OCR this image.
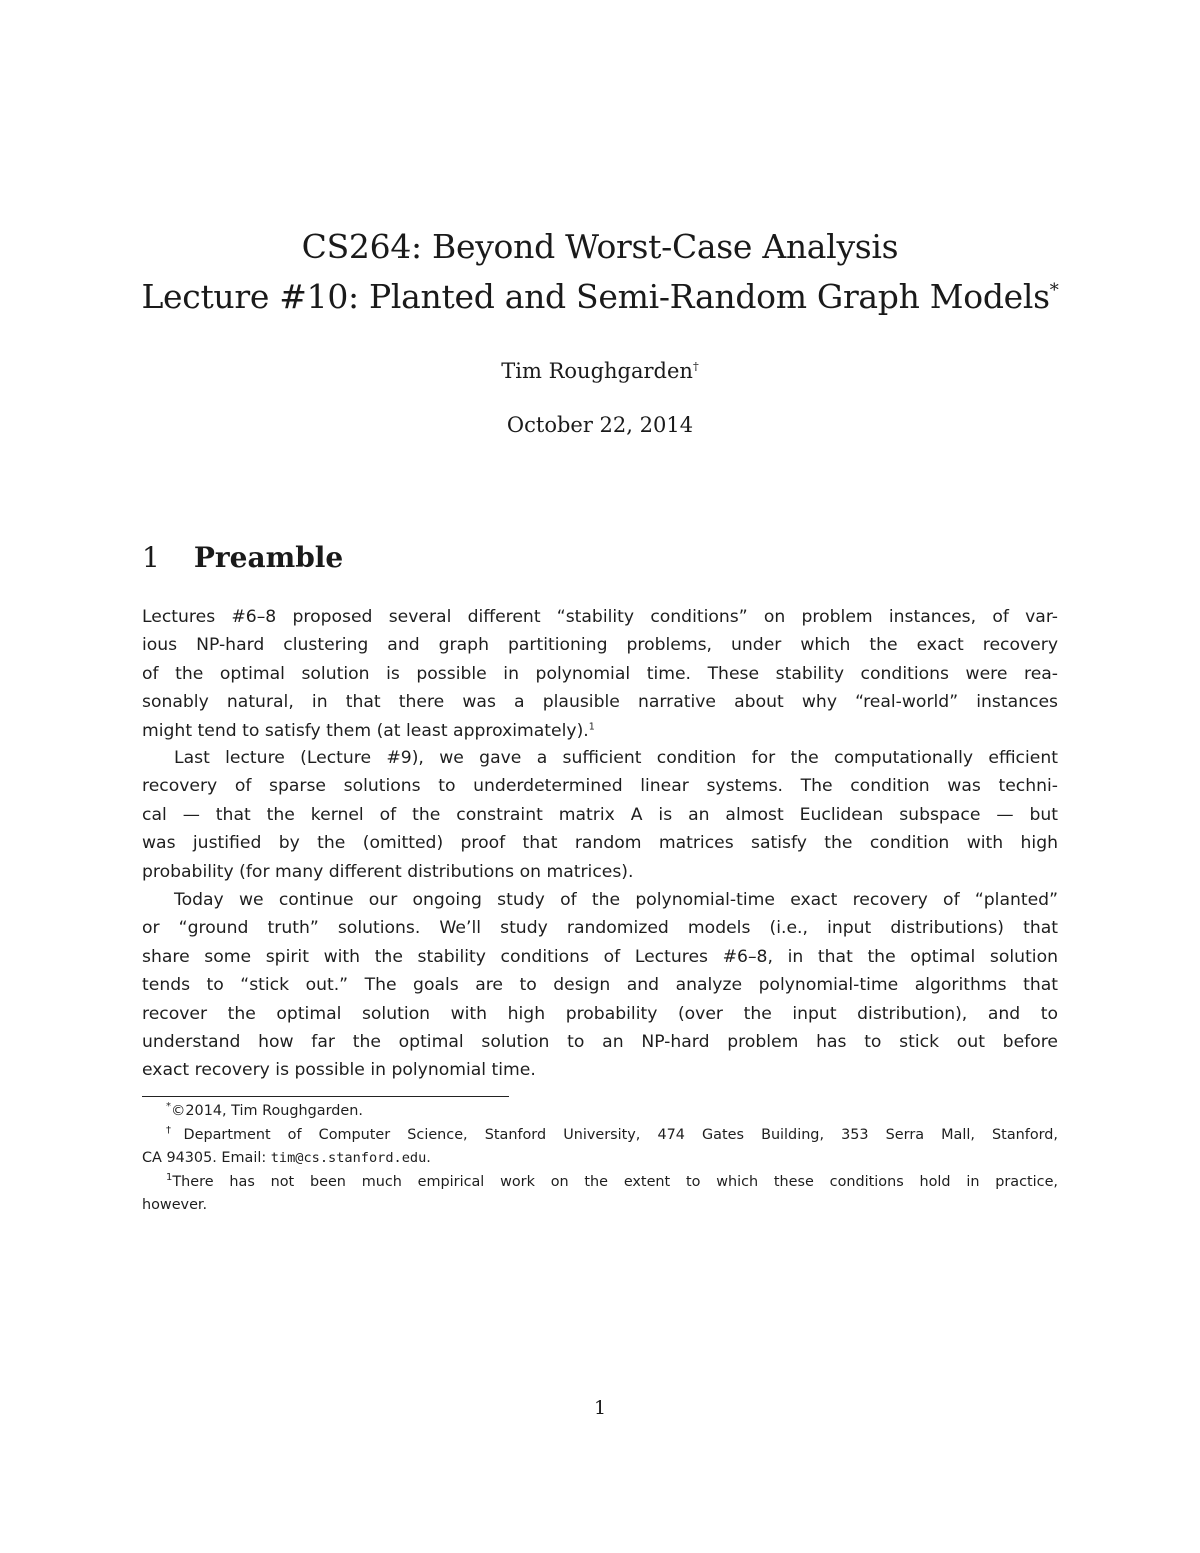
CS264: Beyond Worst-Case Analysis
Lecture #10: Planted and Semi-Random Graph Models*
Tim Roughgarden†
October 22, 2014
1 Preamble
Lectures #6–8 proposed several different “stability conditions” on problem instances, of var-
ious NP-hard clustering and graph partitioning problems, under which the exact recovery
of the optimal solution is possible in polynomial time. These stability conditions were rea-
sonably natural, in that there was a plausible narrative about why “real-world” instances
might tend to satisfy them (at least approximately).$^1$
Last lecture (Lecture #9), we gave a sufficient condition for the computationally efficient
recovery of sparse solutions to underdetermined linear systems. The condition was techni-
cal — that the kernel of the constraint matrix A is an almost Euclidean subspace — but
was justified by the (omitted) proof that random matrices satisfy the condition with high
probability (for many different distributions on matrices).
Today we continue our ongoing study of the polynomial-time exact recovery of “planted”
or “ground truth” solutions. We’ll study randomized models (i.e., input distributions) that
share some spirit with the stability conditions of Lectures #6–8, in that the optimal solution
tends to “stick out.” The goals are to design and analyze polynomial-time algorithms that
recover the optimal solution with high probability (over the input distribution), and to
understand how far the optimal solution to an NP-hard problem has to stick out before
exact recovery is possible in polynomial time.
*©2014, Tim Roughgarden.
†Department of Computer Science, Stanford University, 474 Gates Building, 353 Serra Mall, Stanford,
CA 94305. Email: tim@cs.stanford.edu.
$^1$There has not been much empirical work on the extent to which these conditions hold in practice,
however.
1
